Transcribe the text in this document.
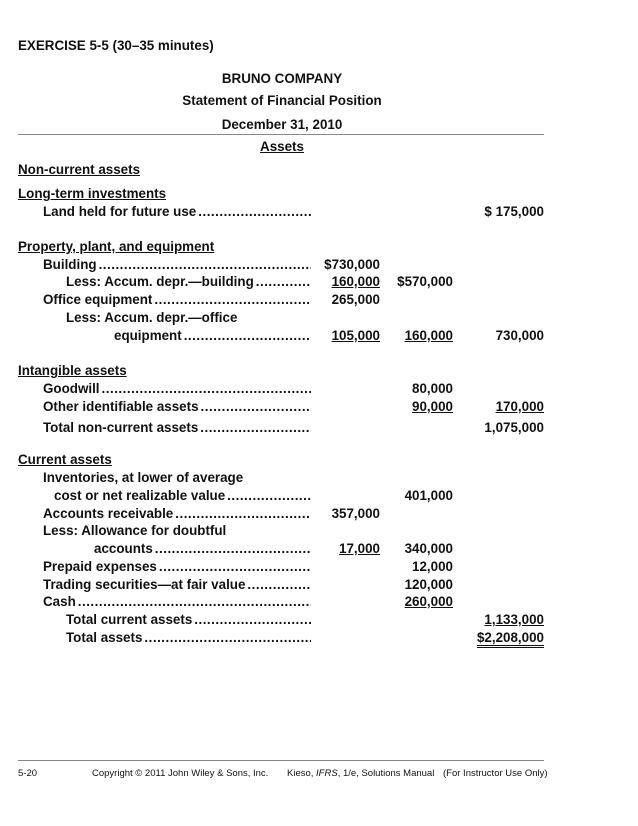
EXERCISE 5-5 (30–35 minutes)
BRUNO COMPANY
Statement of Financial Position
December 31, 2010
Assets
Non-current assets
Long-term investments
Land held for future use .....	$ 175,000
Property, plant, and equipment
Building .....	$730,000
Less: Accum. depr.—building .....	160,000 $570,000
Office equipment .....	265,000
Less: Accum. depr.—office
equipment .....	105,000	160,000	730,000
Intangible assets
Goodwill .....	80,000
Other identifiable assets .....	90,000	170,000
Total non-current assets .....	1,075,000
Current assets
Inventories, at lower of average
cost or net realizable value .....	401,000
Accounts receivable .....	357,000
Less: Allowance for doubtful
accounts .....	17,000	340,000
Prepaid expenses .....	12,000
Trading securities—at fair value .....	120,000
Cash .....	260,000
Total current assets .....	1,133,000
Total assets .....	$2,208,000
5-20	Copyright © 2011 John Wiley & Sons, Inc. Kieso, IFRS, 1/e, Solutions Manual (For Instructor Use Only)
